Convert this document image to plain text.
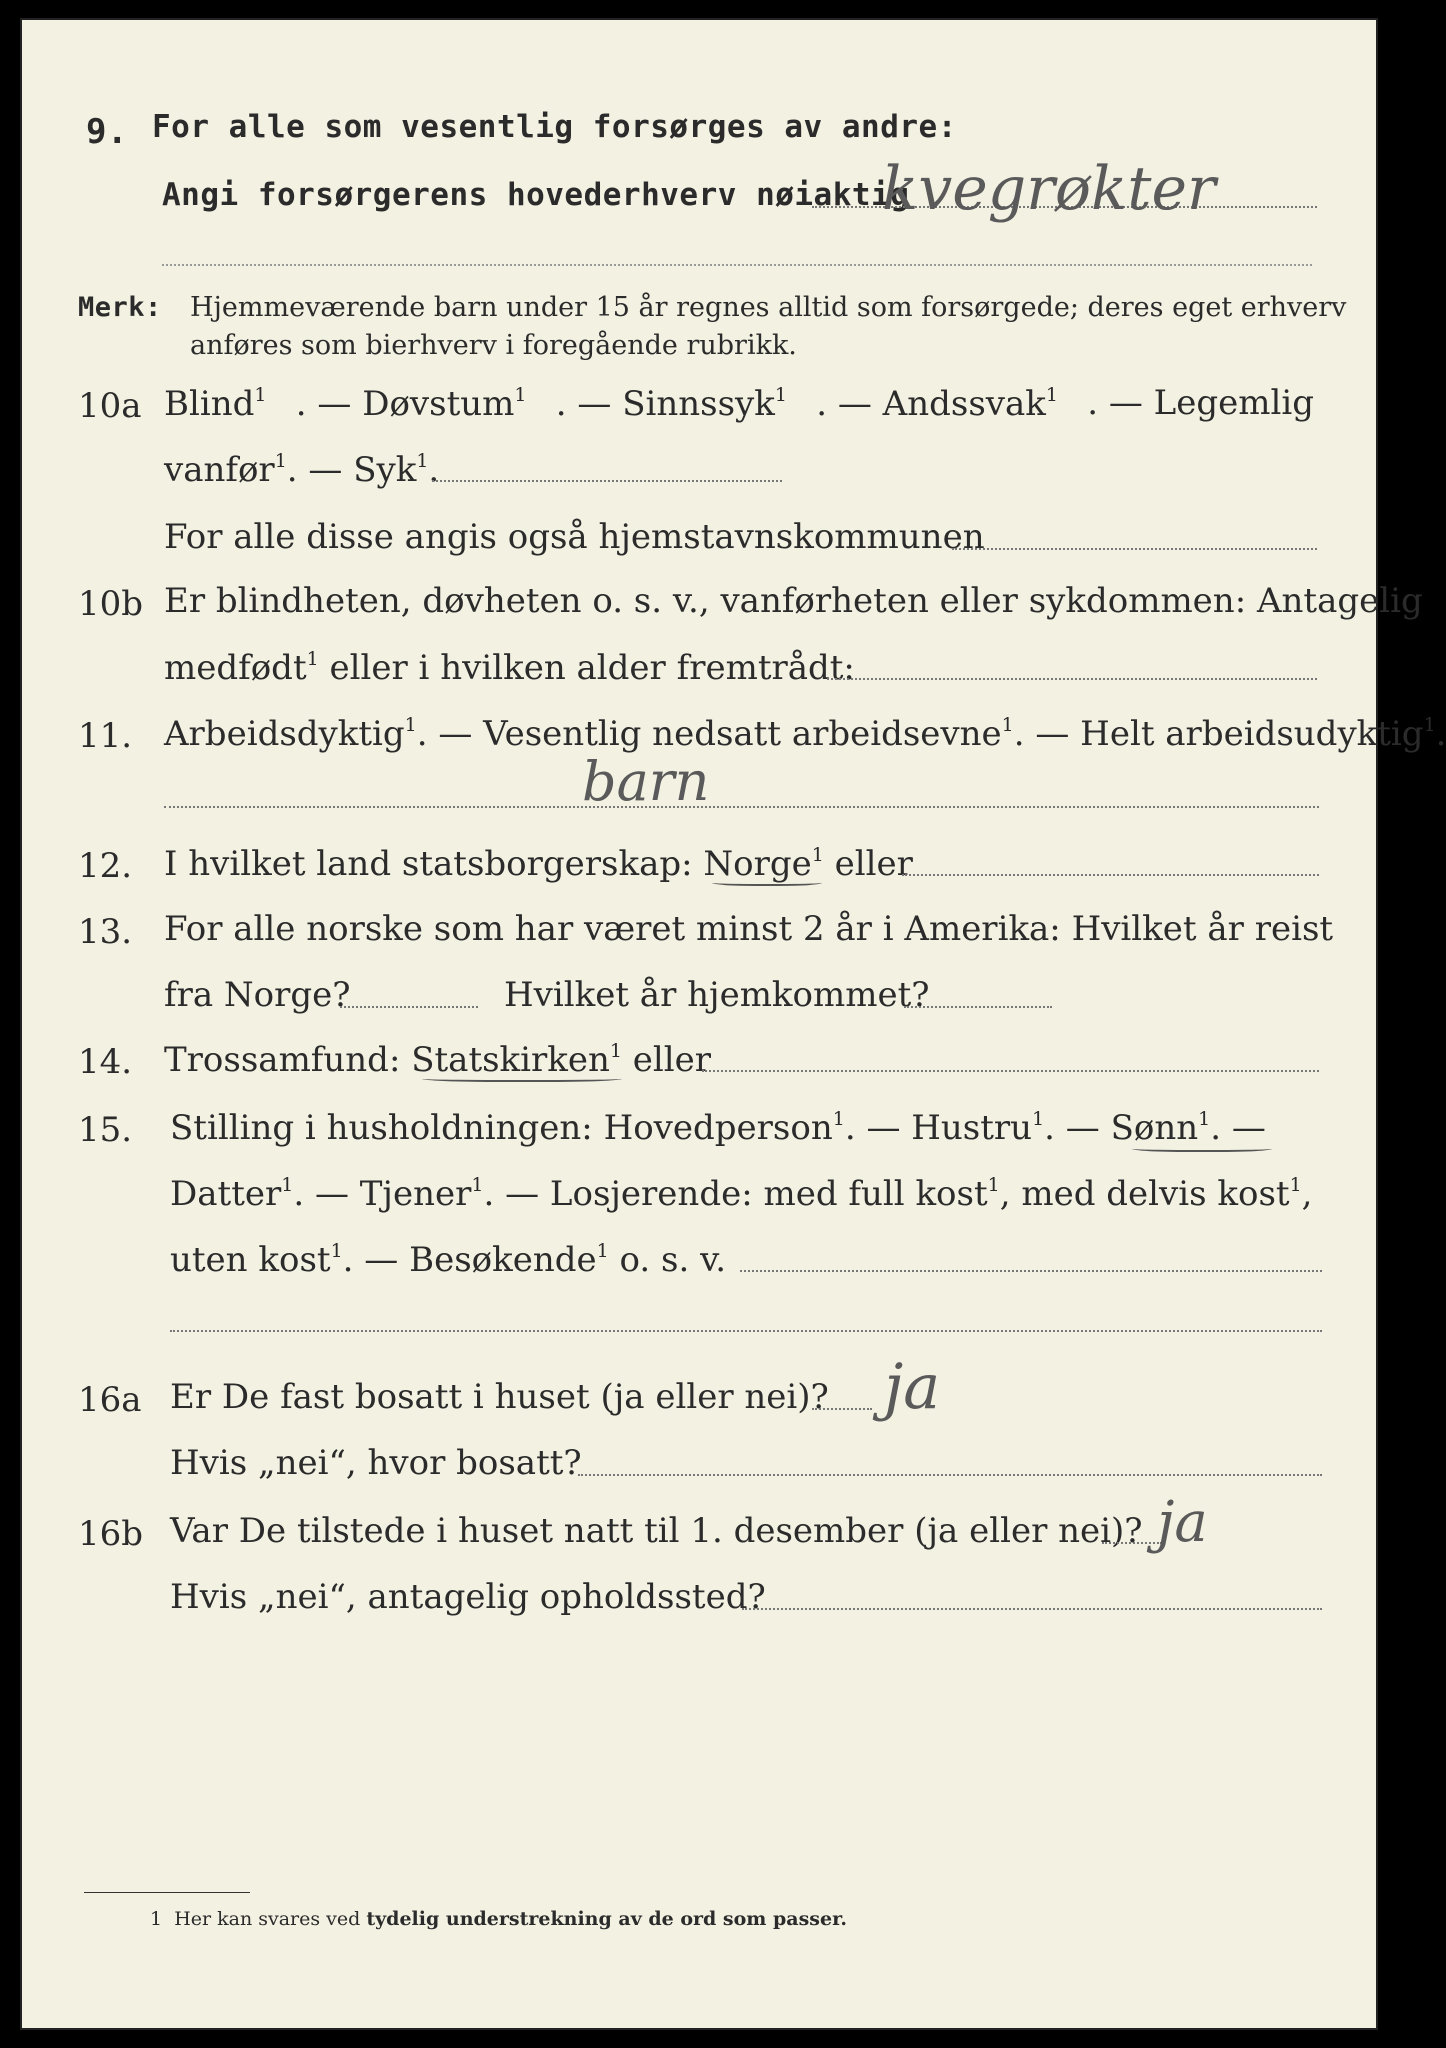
9. For alle som vesentlig forsørges av andre:
Angi forsørgerens hovederhverv nøiaktig
kvegrøkter
Merk: Hjemmeværende barn under 15 år regnes alltid som forsørgede; deres eget erhverv
anføres som bierhverv i foregående rubrikk.
10a Blind$^1$ . — Døvstum$^1$ . — Sinnssyk$^1$ . — Andssvak$^1$ . — Legemlig
vanfør$^1$. — Syk$^1$.
For alle disse angis også hjemstavnskommunen
10b Er blindheten, døvheten o. s. v., vanførheten eller sykdommen: Antagelig
medfødt$^1$ eller i hvilken alder fremtrådt:
11. Arbeidsdyktig$^1$. — Vesentlig nedsatt arbeidsevne$^1$. — Helt arbeidsudyktig$^1$.
barn
12. I hvilket land statsborgerskap: Norge$^1$ eller
13. For alle norske som har været minst 2 år i Amerika: Hvilket år reist
fra Norge?	Hvilket år hjemkommet?
14. Trossamfund: Statskirken$^1$ eller
15. Stilling i husholdningen: Hovedperson$^1$. — Hustru$^1$. — Sønn$^1$. —
Datter$^1$. — Tjener$^1$. — Losjerende: med full kost$^1$, med delvis kost$^1$,
uten kost$^1$. — Besøkende$^1$ o. s. v.
16a Er De fast bosatt i huset (ja eller nei)? ja
Hvis „nei“, hvor bosatt?
16b Var De tilstede i huset natt til 1. desember (ja eller nei)? ja
Hvis „nei“, antagelig opholdssted?
1 Her kan svares ved tydelig understrekning av de ord som passer.
